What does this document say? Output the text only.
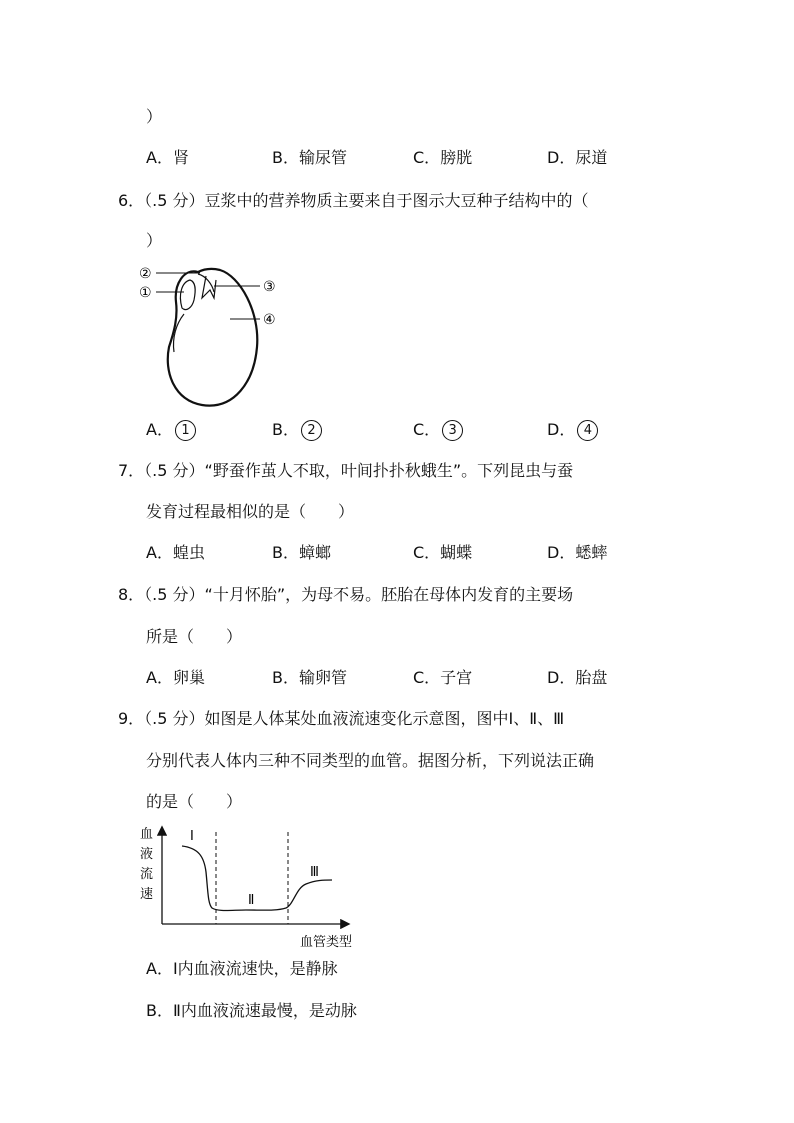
）
A．肾	B．输尿管	C．膀胱	D．尿道
6．（.5 分）豆浆中的营养物质主要来自于图示大豆种子结构中的（
）
②
①	③
④
A． 1	B． 2	C． 3	D． 4
7．（.5 分）“野蚕作茧人不取，叶间扑扑秋蛾生”。下列昆虫与蚕
发育过程最相似的是（　　）
A．蝗虫	B．蟑螂	C．蝴蝶	D．蟋蟀
8．（.5 分）“十月怀胎”，为母不易。胚胎在母体内发育的主要场
所是（　　）
A．卵巢	B．输卵管	C．子宫	D．胎盘
9．（.5 分）如图是人体某处血液流速变化示意图，图中Ⅰ、Ⅱ、Ⅲ
分别代表人体内三种不同类型的血管。据图分析，下列说法正确
的是（　　）
血
液
流
速
血管类型
Ⅰ
Ⅱ
Ⅲ
A．Ⅰ内血液流速快，是静脉
B．Ⅱ内血液流速最慢，是动脉
